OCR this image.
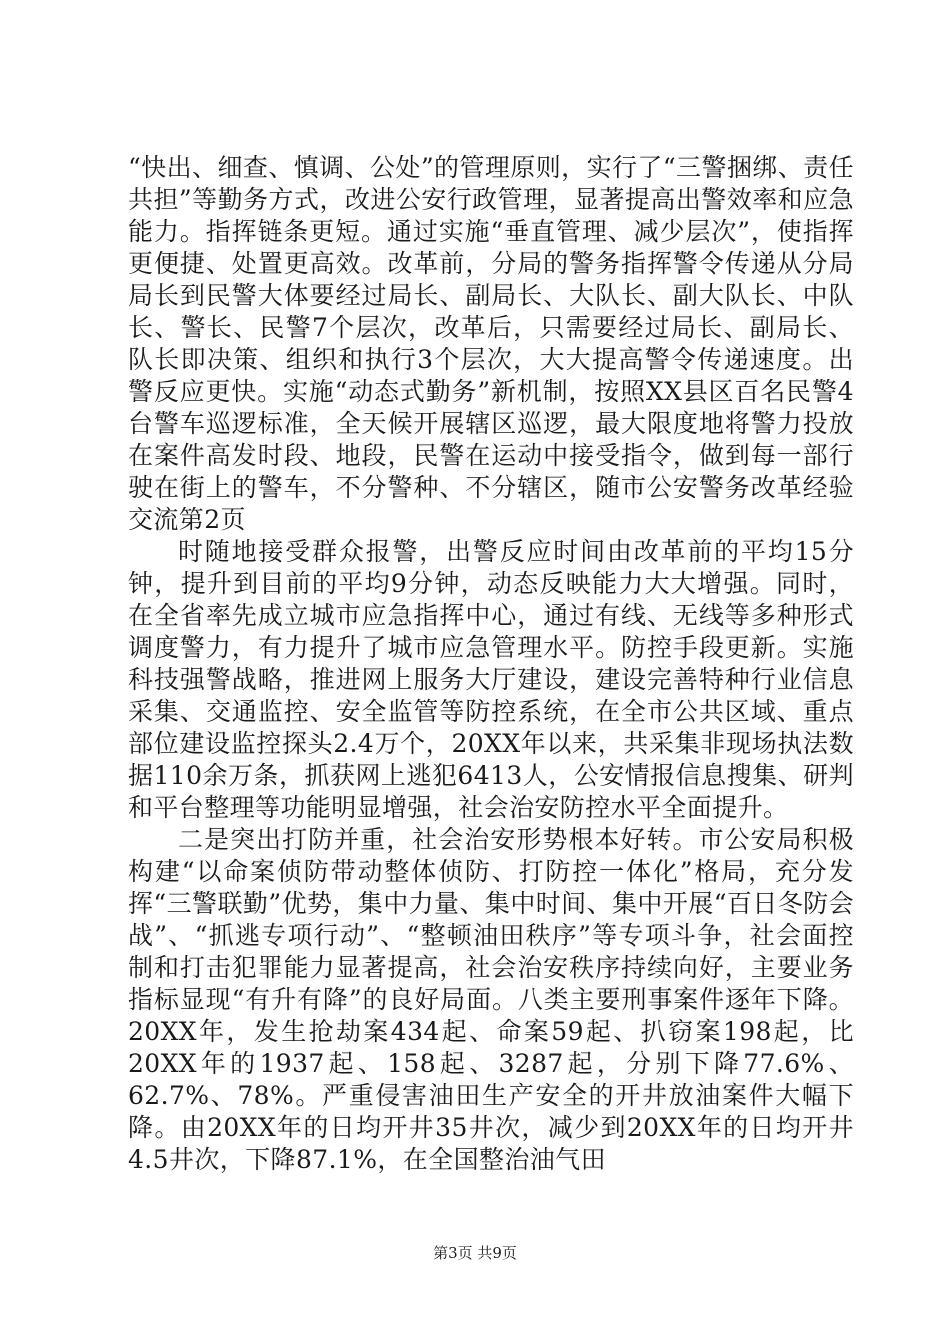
“快出、细查、慎调、公处”的管理原则，实行了“三警捆绑、责任共担”等勤务方式，改进公安行政管理，显著提高出警效率和应急能力。指挥链条更短。通过实施“垂直管理、减少层次”，使指挥更便捷、处置更高效。改革前，分局的警务指挥警令传递从分局局长到民警大体要经过局长、副局长、大队长、副大队长、中队长、警长、民警7个层次，改革后，只需要经过局长、副局长、队长即决策、组织和执行3个层次，大大提高警令传递速度。出警反应更快。实施“动态式勤务”新机制，按照XX县区百名民警4台警车巡逻标准，全天候开展辖区巡逻，最大限度地将警力投放在案件高发时段、地段，民警在运动中接受指令，做到每一部行驶在街上的警车，不分警种、不分辖区，随市公安警务改革经验交流第2页

时随地接受群众报警，出警反应时间由改革前的平均15分钟，提升到目前的平均9分钟，动态反映能力大大增强。同时，在全省率先成立城市应急指挥中心，通过有线、无线等多种形式调度警力，有力提升了城市应急管理水平。防控手段更新。实施科技强警战略，推进网上服务大厅建设，建设完善特种行业信息采集、交通监控、安全监管等防控系统，在全市公共区域、重点部位建设监控探头2.4万个，20XX年以来，共采集非现场执法数据110余万条，抓获网上逃犯6413人，公安情报信息搜集、研判和平台整理等功能明显增强，社会治安防控水平全面提升。

二是突出打防并重，社会治安形势根本好转。市公安局积极构建“以命案侦防带动整体侦防、打防控一体化”格局，充分发挥“三警联勤”优势，集中力量、集中时间、集中开展“百日冬防会战”、“抓逃专项行动”、“整顿油田秩序”等专项斗争，社会面控制和打击犯罪能力显著提高，社会治安秩序持续向好，主要业务指标显现“有升有降”的良好局面。八类主要刑事案件逐年下降。20XX年，发生抢劫案434起、命案59起、扒窃案198起，比20XX年的1937起、158起、3287起，分别下降77.6%、62.7%、78%。严重侵害油田生产安全的开井放油案件大幅下降。由20XX年的日均开井35井次，减少到20XX年的日均开井4.5井次，下降87.1%，在全国整治油气田

第3页 共9页
